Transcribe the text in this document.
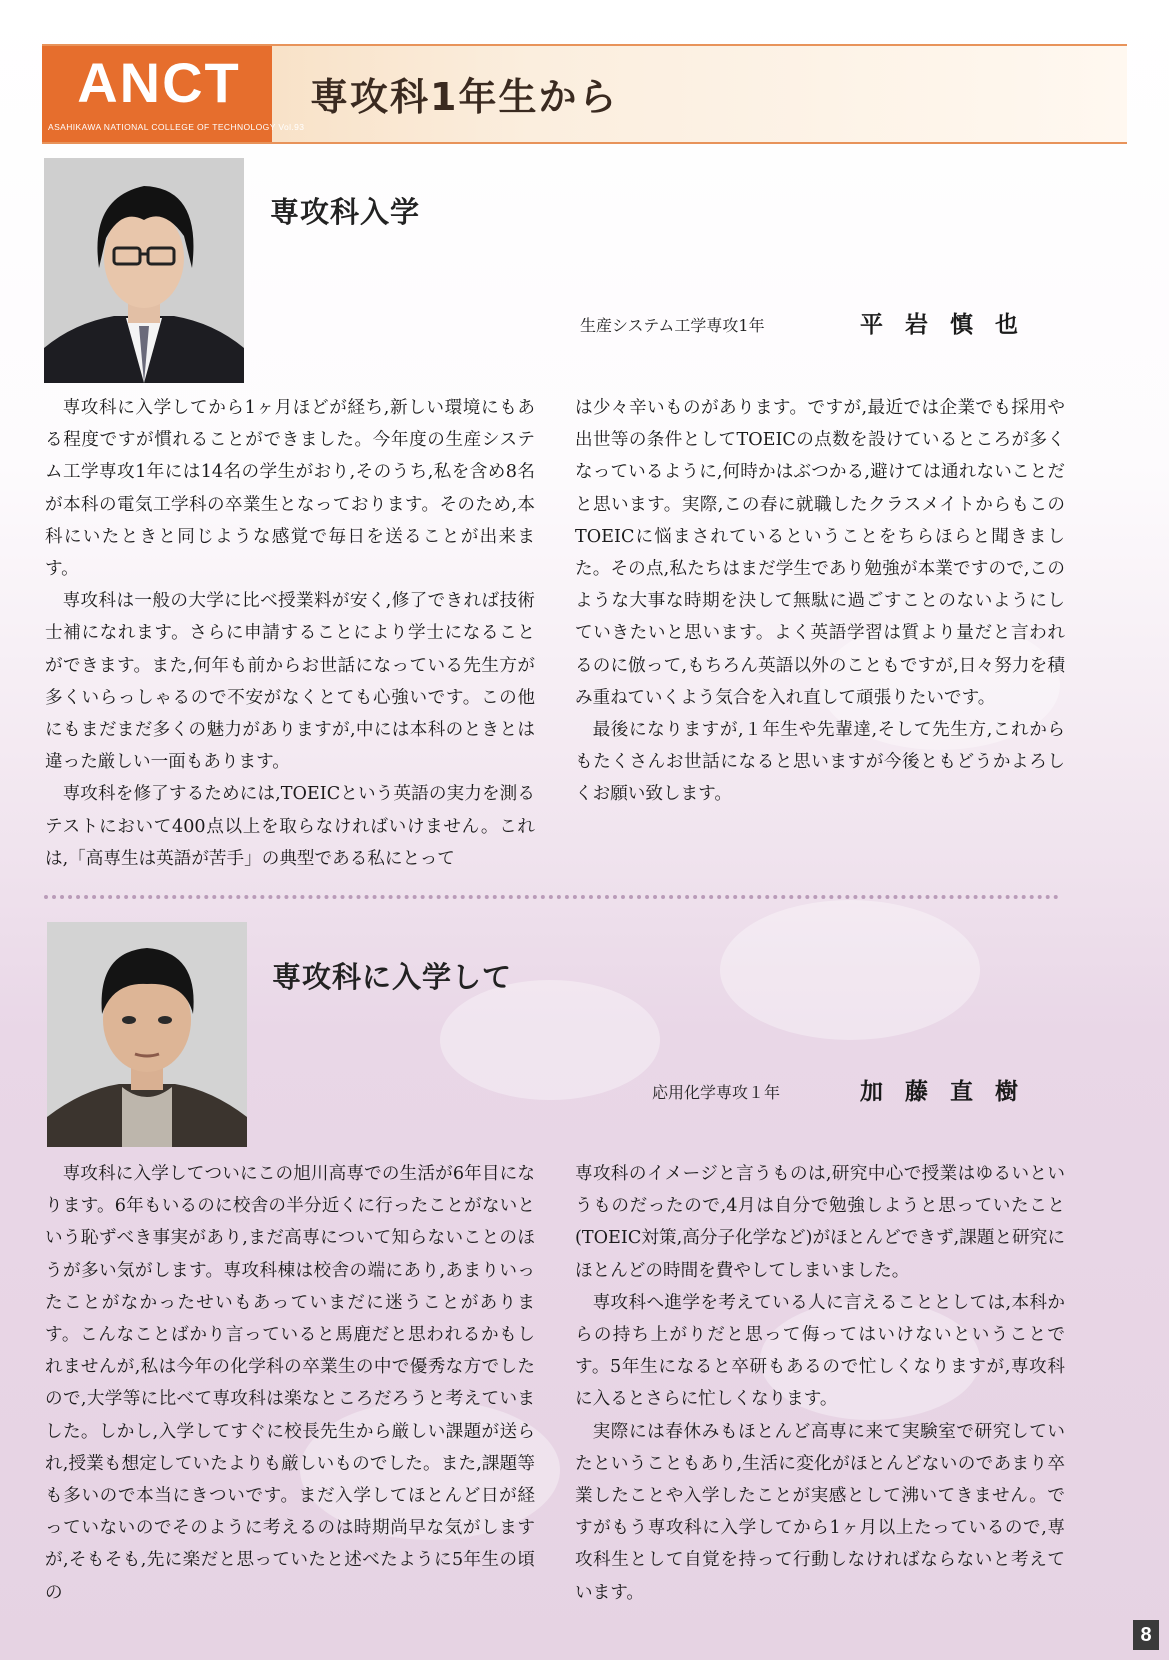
ANCT
ASAHIKAWA NATIONAL COLLEGE OF TECHNOLOGY Vol.93
専攻科1年生から
専攻科入学
生産システム工学専攻1年	平岩慎也

専攻科に入学してから1ヶ月ほどが経ち,新しい環境にもある程度ですが慣れることができました。今年度の生産システム工学専攻1年には14名の学生がおり,そのうち,私を含め8名が本科の電気工学科の卒業生となっております。そのため,本科にいたときと同じような感覚で毎日を送ることが出来ます。

専攻科は一般の大学に比べ授業料が安く,修了できれば技術士補になれます。さらに申請することにより学士になることができます。また,何年も前からお世話になっている先生方が多くいらっしゃるので不安がなくとても心強いです。この他にもまだまだ多くの魅力がありますが,中には本科のときとは違った厳しい一面もあります。

専攻科を修了するためには,TOEICという英語の実力を測るテストにおいて400点以上を取らなければいけません。これは,「高専生は英語が苦手」の典型である私にとって

は少々辛いものがあります。ですが,最近では企業でも採用や出世等の条件としてTOEICの点数を設けているところが多くなっているように,何時かはぶつかる,避けては通れないことだと思います。実際,この春に就職したクラスメイトからもこのTOEICに悩まされているということをちらほらと聞きました。その点,私たちはまだ学生であり勉強が本業ですので,このような大事な時期を決して無駄に過ごすことのないようにしていきたいと思います。よく英語学習は質より量だと言われるのに倣って,もちろん英語以外のこともですが,日々努力を積み重ねていくよう気合を入れ直して頑張りたいです。

最後になりますが,１年生や先輩達,そして先生方,これからもたくさんお世話になると思いますが今後ともどうかよろしくお願い致します。

専攻科に入学して
応用化学専攻１年	加藤直樹

専攻科に入学してついにこの旭川高専での生活が6年目になります。6年もいるのに校舎の半分近くに行ったことがないという恥ずべき事実があり,まだ高専について知らないことのほうが多い気がします。専攻科棟は校舎の端にあり,あまりいったことがなかったせいもあっていまだに迷うことがあります。こんなことばかり言っていると馬鹿だと思われるかもしれませんが,私は今年の化学科の卒業生の中で優秀な方でしたので,大学等に比べて専攻科は楽なところだろうと考えていました。しかし,入学してすぐに校長先生から厳しい課題が送られ,授業も想定していたよりも厳しいものでした。また,課題等も多いので本当にきついです。まだ入学してほとんど日が経っていないのでそのように考えるのは時期尚早な気がしますが,そもそも,先に楽だと思っていたと述べたように5年生の頃の

専攻科のイメージと言うものは,研究中心で授業はゆるいというものだったので,4月は自分で勉強しようと思っていたこと(TOEIC対策,高分子化学など)がほとんどできず,課題と研究にほとんどの時間を費やしてしまいました。

専攻科へ進学を考えている人に言えることとしては,本科からの持ち上がりだと思って侮ってはいけないということです。5年生になると卒研もあるので忙しくなりますが,専攻科に入るとさらに忙しくなります。

実際には春休みもほとんど高専に来て実験室で研究していたということもあり,生活に変化がほとんどないのであまり卒業したことや入学したことが実感として沸いてきません。ですがもう専攻科に入学してから1ヶ月以上たっているので,専攻科生として自覚を持って行動しなければならないと考えています。

8
